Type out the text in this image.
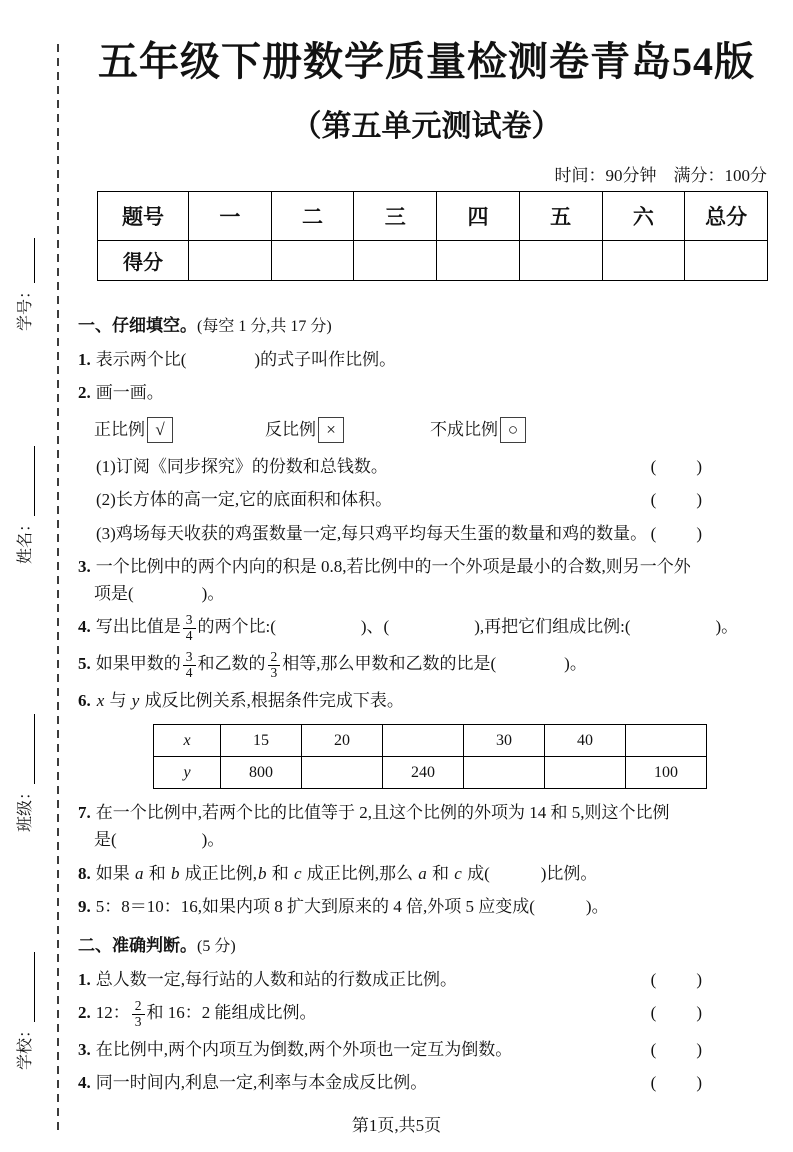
学校：
班级：
姓名：
学号：
五年级下册数学质量检测卷青岛54版
（第五单元测试卷）
时间：90分钟　满分：100分
题号	一	二	三	四	五	六	总分
得分							
一、仔细填空。(每空 1 分,共 17 分)
1. 表示两个比(　　　　)的式子叫作比例。
2. 画一画。
正比例 √	反比例 ×	不成比例 ○
(1)订阅《同步探究》的份数和总钱数。	(　　)
(2)长方体的高一定,它的底面积和体积。	(　　)
(3)鸡场每天收获的鸡蛋数量一定,每只鸡平均每天生蛋的数量和鸡的数量。 (　　)
3. 一个比例中的两个内向的积是 0.8,若比例中的一个外项是最小的合数,则另一个外
项是(　　　　)。
4. 写出比值是 $\frac{3}{4}$ 的两个比:(　　　　　)、(　　　　　),再把它们组成比例:(　　　　　)。
5. 如果甲数的 $\frac{3}{4}$ 和乙数的 $\frac{2}{3}$ 相等,那么甲数和乙数的比是(　　　　)。
6. x 与 y 成反比例关系,根据条件完成下表。
x	15	20		30	40	
y	800		240			100
7. 在一个比例中,若两个比的比值等于 2,且这个比例的外项为 14 和 5,则这个比例
是(　　　　　)。
8. 如果 a 和 b 成正比例,b 和 c 成正比例,那么 a 和 c 成(　　　)比例。
9. 5：8＝10：16,如果内项 8 扩大到原来的 4 倍,外项 5 应变成(　　　)。
二、准确判断。(5 分)
1. 总人数一定,每行站的人数和站的行数成正比例。	(　　)
2. 12： $\frac{2}{3}$ 和 16：2 能组成比例。	(　　)
3. 在比例中,两个内项互为倒数,两个外项也一定互为倒数。	(　　)
4. 同一时间内,利息一定,利率与本金成反比例。	(　　)
第1页,共5页
